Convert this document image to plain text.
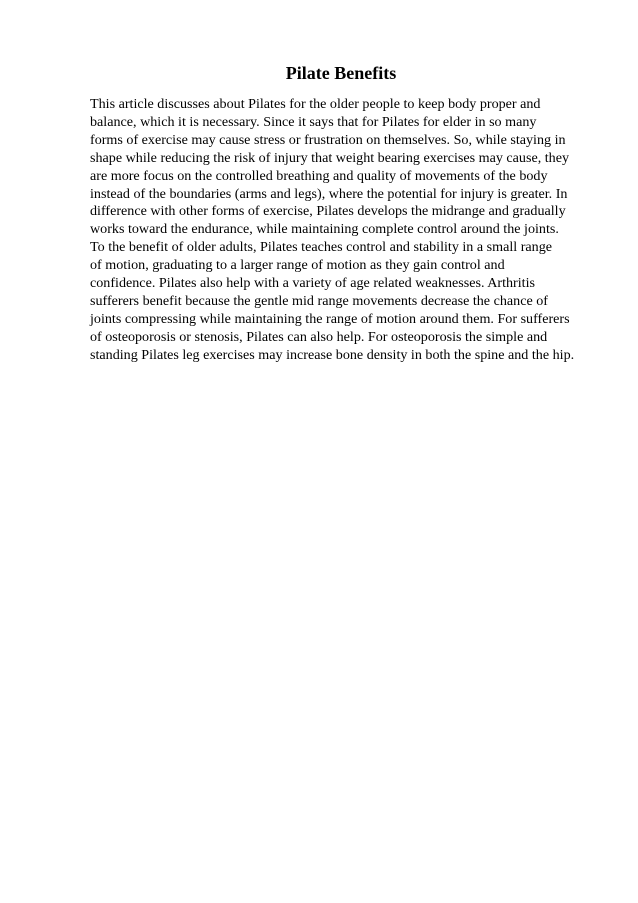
Pilate Benefits

This article discusses about Pilates for the older people to keep body proper and
balance, which it is necessary. Since it says that for Pilates for elder in so many
forms of exercise may cause stress or frustration on themselves. So, while staying in
shape while reducing the risk of injury that weight bearing exercises may cause, they
are more focus on the controlled breathing and quality of movements of the body
instead of the boundaries (arms and legs), where the potential for injury is greater. In
difference with other forms of exercise, Pilates develops the midrange and gradually
works toward the endurance, while maintaining complete control around the joints.
To the benefit of older adults, Pilates teaches control and stability in a small range
of motion, graduating to a larger range of motion as they gain control and
confidence. Pilates also help with a variety of age related weaknesses. Arthritis
sufferers benefit because the gentle mid range movements decrease the chance of
joints compressing while maintaining the range of motion around them. For sufferers
of osteoporosis or stenosis, Pilates can also help. For osteoporosis the simple and
standing Pilates leg exercises may increase bone density in both the spine and the hip.
